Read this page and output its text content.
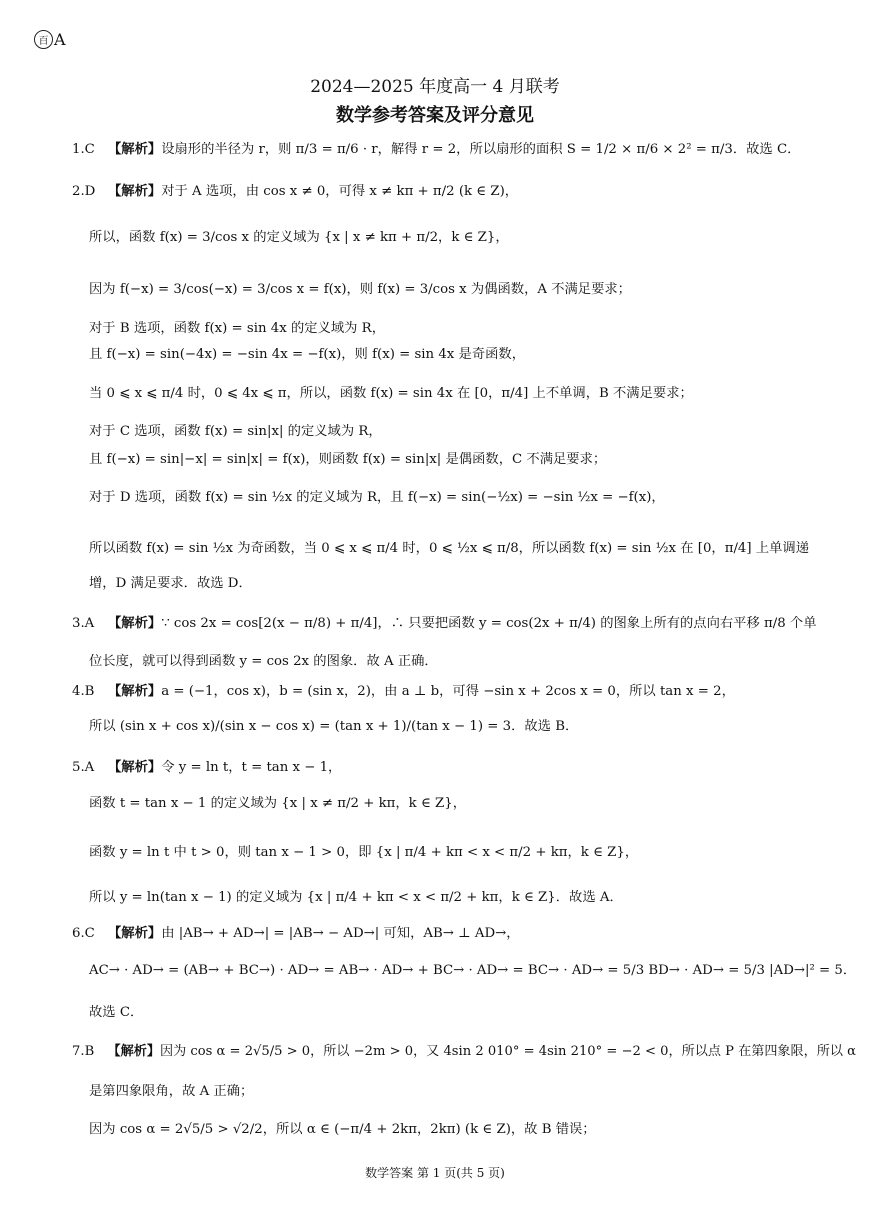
百 A
2024—2025 年度高一 4 月联考
数学参考答案及评分意见
1.C 【解析】设扇形的半径为 r，则 π/3 = π/6 · r，解得 r = 2，所以扇形的面积 S = 1/2 × π/6 × 2² = π/3．故选 C．
2.D 【解析】对于 A 选项，由 cos x ≠ 0，可得 x ≠ kπ + π/2 (k ∈ Z)，
所以，函数 f(x) = 3/cos x 的定义域为 {x | x ≠ kπ + π/2，k ∈ Z}，
因为 f(−x) = 3/cos(−x) = 3/cos x = f(x)，则 f(x) = 3/cos x 为偶函数，A 不满足要求；
对于 B 选项，函数 f(x) = sin 4x 的定义域为 R，
且 f(−x) = sin(−4x) = −sin 4x = −f(x)，则 f(x) = sin 4x 是奇函数，
当 0 ⩽ x ⩽ π/4 时，0 ⩽ 4x ⩽ π，所以，函数 f(x) = sin 4x 在 [0，π/4] 上不单调，B 不满足要求；
对于 C 选项，函数 f(x) = sin|x| 的定义域为 R，
且 f(−x) = sin|−x| = sin|x| = f(x)，则函数 f(x) = sin|x| 是偶函数，C 不满足要求；
对于 D 选项，函数 f(x) = sin ½x 的定义域为 R，且 f(−x) = sin(−½x) = −sin ½x = −f(x)，
所以函数 f(x) = sin ½x 为奇函数，当 0 ⩽ x ⩽ π/4 时，0 ⩽ ½x ⩽ π/8，所以函数 f(x) = sin ½x 在 [0，π/4] 上单调递
增，D 满足要求．故选 D．
3.A 【解析】∵ cos 2x = cos[2(x − π/8) + π/4]，∴ 只要把函数 y = cos(2x + π/4) 的图象上所有的点向右平移 π/8 个单
位长度，就可以得到函数 y = cos 2x 的图象．故 A 正确．
4.B 【解析】a = (−1，cos x)，b = (sin x，2)，由 a ⊥ b，可得 −sin x + 2cos x = 0，所以 tan x = 2，
所以 (sin x + cos x)/(sin x − cos x) = (tan x + 1)/(tan x − 1) = 3．故选 B．
5.A 【解析】令 y = ln t，t = tan x − 1，
函数 t = tan x − 1 的定义域为 {x | x ≠ π/2 + kπ，k ∈ Z}，
函数 y = ln t 中 t > 0，则 tan x − 1 > 0，即 {x | π/4 + kπ < x < π/2 + kπ，k ∈ Z}，
所以 y = ln(tan x − 1) 的定义域为 {x | π/4 + kπ < x < π/2 + kπ，k ∈ Z}．故选 A．
6.C 【解析】由 |AB→ + AD→| = |AB→ − AD→| 可知，AB→ ⊥ AD→，
AC→ · AD→ = (AB→ + BC→) · AD→ = AB→ · AD→ + BC→ · AD→ = BC→ · AD→ = 5/3 BD→ · AD→ = 5/3 |AD→|² = 5．
故选 C．
7.B 【解析】因为 cos α = 2√5/5 > 0，所以 −2m > 0，又 4sin 2 010° = 4sin 210° = −2 < 0，所以点 P 在第四象限，所以 α
是第四象限角，故 A 正确；
因为 cos α = 2√5/5 > √2/2，所以 α ∈ (−π/4 + 2kπ，2kπ) (k ∈ Z)，故 B 错误；
数学答案 第 1 页(共 5 页)
